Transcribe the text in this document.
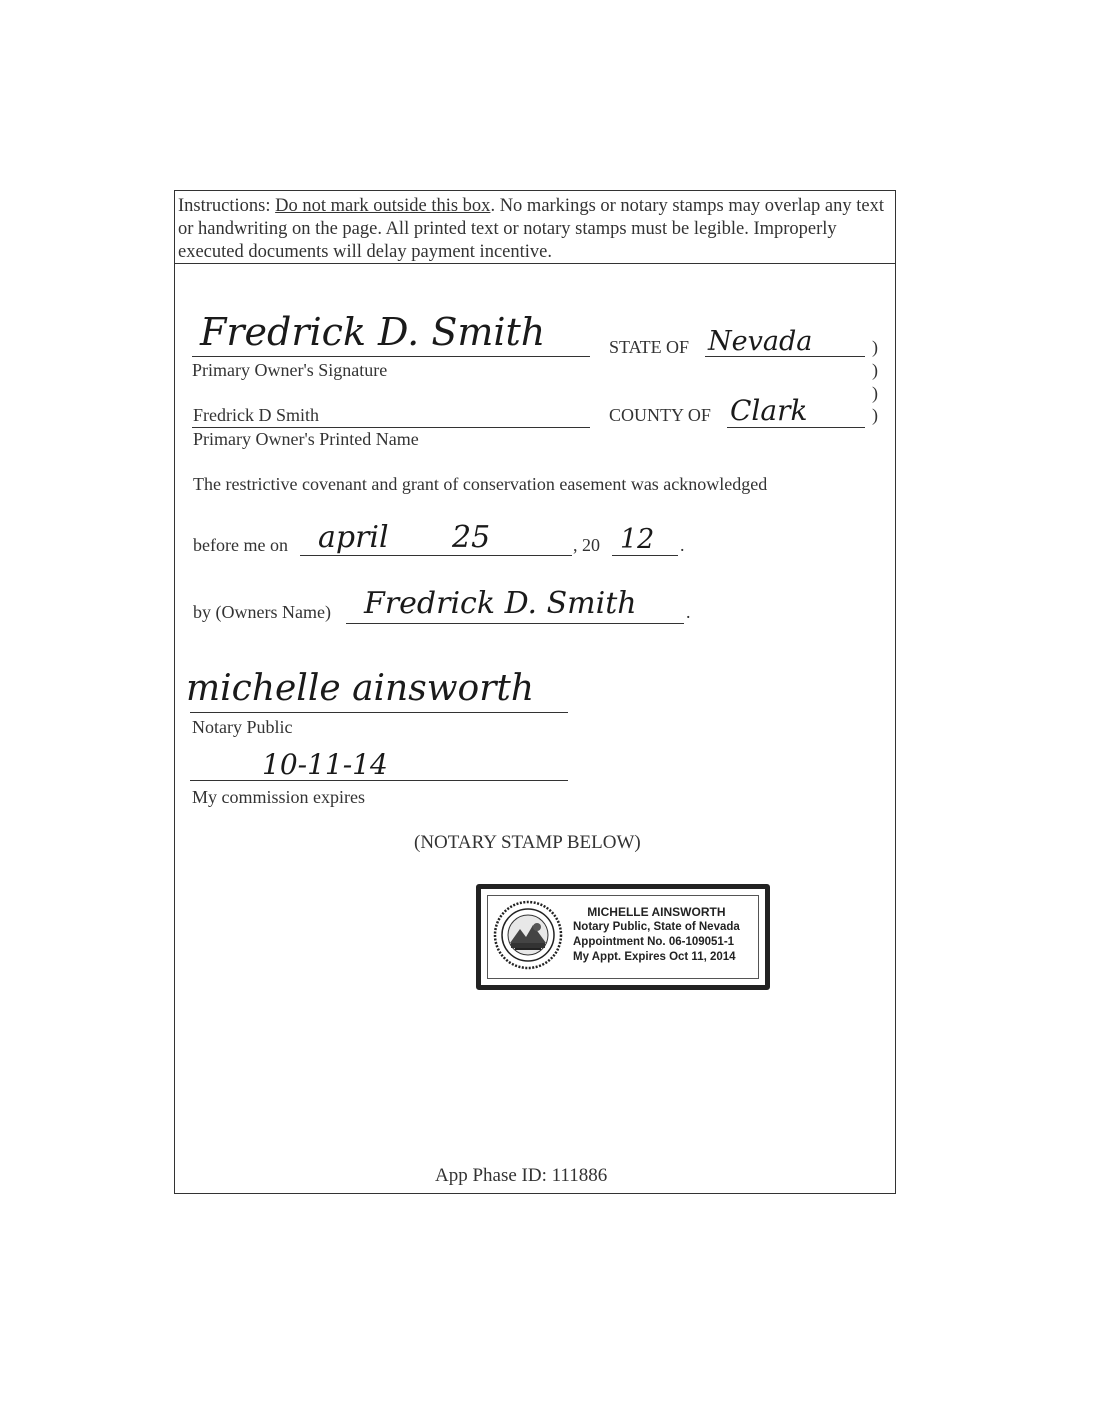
Instructions: Do not mark outside this box. No markings or notary stamps may overlap any text or handwriting on the page. All printed text or notary stamps must be legible. Improperly executed documents will delay payment incentive.
Fredrick D. Smith
Primary Owner's Signature
STATE OF Nevada	)
)
)
)
Fredrick D Smith
Primary Owner's Printed Name
COUNTY OF Clark
The restrictive covenant and grant of conservation easement was acknowledged
before me on april 25	, 20 12 .
by (Owners Name) Fredrick D. Smith	.
michelle ainsworth
Notary Public
10-11-14
My commission expires
(NOTARY STAMP BELOW)
MICHELLE AINSWORTH
Notary Public, State of Nevada
Appointment No. 06-109051-1
My Appt. Expires Oct 11, 2014
App Phase ID: 111886
